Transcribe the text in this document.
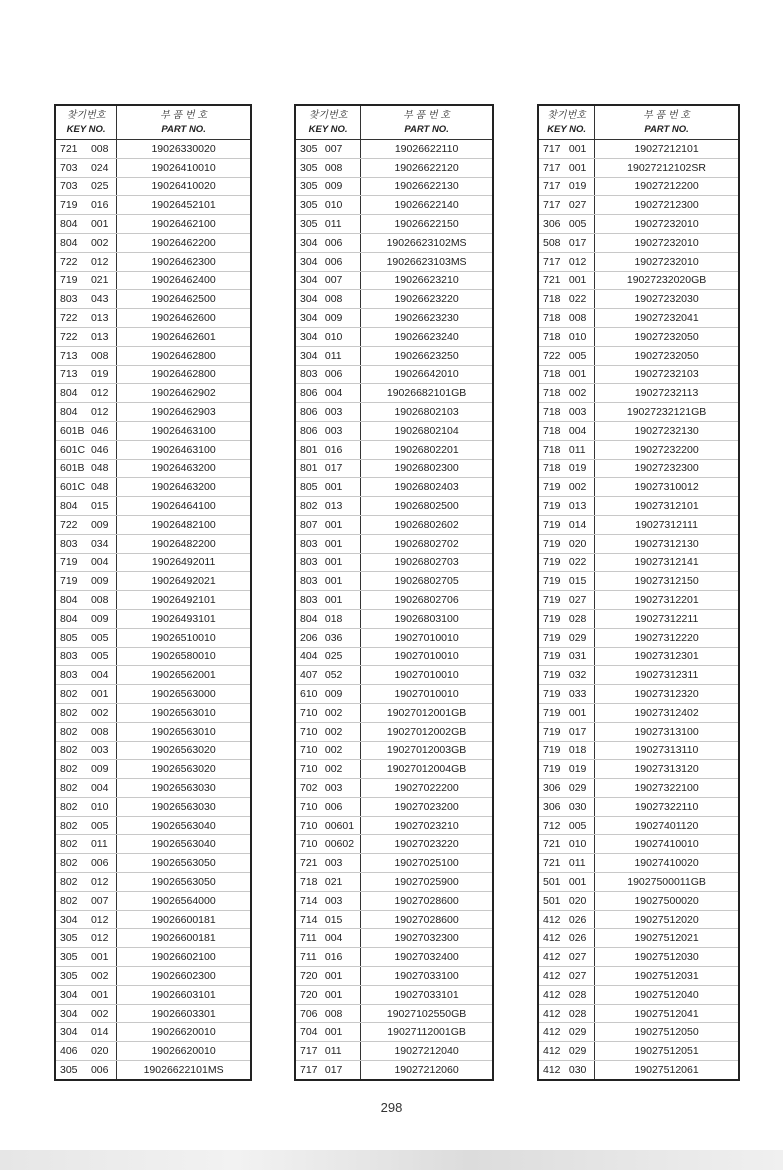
찾기번호
KEY NO.		부 품 번 호
PART NO.

721	008	19026330020
703	024	19026410010
703	025	19026410020
719	016	19026452101
804	001	19026462100
804	002	19026462200
722	012	19026462300
719	021	19026462400
803	043	19026462500
722	013	19026462600
722	013	19026462601
713	008	19026462800
713	019	19026462800
804	012	19026462902
804	012	19026462903
601B	046	19026463100
601C	046	19026463100
601B	048	19026463200
601C	048	19026463200
804	015	19026464100
722	009	19026482100
803	034	19026482200
719	004	19026492011
719	009	19026492021
804	008	19026492101
804	009	19026493101
805	005	19026510010
803	005	19026580010
803	004	19026562001
802	001	19026563000
802	002	19026563010
802	008	19026563010
802	003	19026563020
802	009	19026563020
802	004	19026563030
802	010	19026563030
802	005	19026563040
802	011	19026563040
802	006	19026563050
802	012	19026563050
802	007	19026564000
304	012	19026600181
305	012	19026600181
305	001	19026602100
305	002	19026602300
304	001	19026603101
304	002	19026603301
304	014	19026620010
406	020	19026620010
305	006	19026622101MS
찾기번호
KEY NO.		부 품 번 호
PART NO.

305	007	19026622110
305	008	19026622120
305	009	19026622130
305	010	19026622140
305	011	19026622150
304	006	19026623102MS
304	006	19026623103MS
304	007	19026623210
304	008	19026623220
304	009	19026623230
304	010	19026623240
304	011	19026623250
803	006	19026642010
806	004	19026682101GB
806	003	19026802103
806	003	19026802104
801	016	19026802201
801	017	19026802300
805	001	19026802403
802	013	19026802500
807	001	19026802602
803	001	19026802702
803	001	19026802703
803	001	19026802705
803	001	19026802706
804	018	19026803100
206	036	19027010010
404	025	19027010010
407	052	19027010010
610	009	19027010010
710	002	19027012001GB
710	002	19027012002GB
710	002	19027012003GB
710	002	19027012004GB
702	003	19027022200
710	006	19027023200
710	00601	19027023210
710	00602	19027023220
721	003	19027025100
718	021	19027025900
714	003	19027028600
714	015	19027028600
711	004	19027032300
711	016	19027032400
720	001	19027033100
720	001	19027033101
706	008	19027102550GB
704	001	19027112001GB
717	011	19027212040
717	017	19027212060
찾기번호
KEY NO.		부 품 번 호
PART NO.

717	001	19027212101
717	001	19027212102SR
717	019	19027212200
717	027	19027212300
306	005	19027232010
508	017	19027232010
717	012	19027232010
721	001	19027232020GB
718	022	19027232030
718	008	19027232041
718	010	19027232050
722	005	19027232050
718	001	19027232103
718	002	19027232113
718	003	19027232121GB
718	004	19027232130
718	011	19027232200
718	019	19027232300
719	002	19027310012
719	013	19027312101
719	014	19027312111
719	020	19027312130
719	022	19027312141
719	015	19027312150
719	027	19027312201
719	028	19027312211
719	029	19027312220
719	031	19027312301
719	032	19027312311
719	033	19027312320
719	001	19027312402
719	017	19027313100
719	018	19027313110
719	019	19027313120
306	029	19027322100
306	030	19027322110
712	005	19027401120
721	010	19027410010
721	011	19027410020
501	001	19027500011GB
501	020	19027500020
412	026	19027512020
412	026	19027512021
412	027	19027512030
412	027	19027512031
412	028	19027512040
412	028	19027512041
412	029	19027512050
412	029	19027512051
412	030	19027512061
298
